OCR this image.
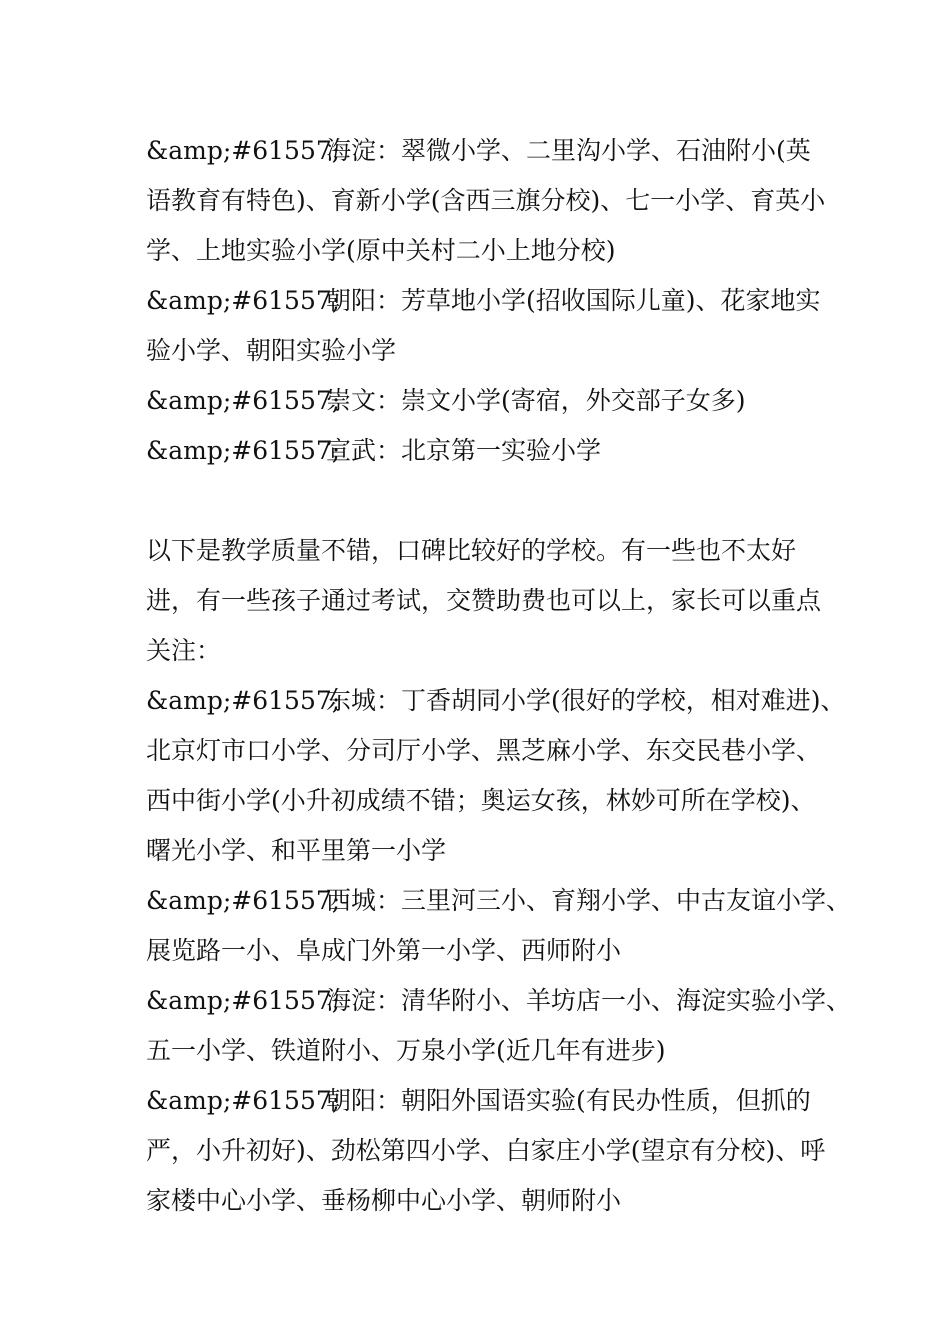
&amp;#61557;海淀：翠微小学、二里沟小学、石油附小(英
语教育有特色)、育新小学(含西三旗分校)、七一小学、育英小
学、上地实验小学(原中关村二小上地分校)
&amp;#61557;朝阳：芳草地小学(招收国际儿童)、花家地实
验小学、朝阳实验小学
&amp;#61557;崇文：崇文小学(寄宿，外交部子女多)
&amp;#61557;宣武：北京第一实验小学
以下是教学质量不错，口碑比较好的学校。有一些也不太好
进，有一些孩子通过考试，交赞助费也可以上，家长可以重点
关注：
&amp;#61557;东城：丁香胡同小学(很好的学校，相对难进)、
北京灯市口小学、分司厅小学、黑芝麻小学、东交民巷小学、
西中街小学(小升初成绩不错；奥运女孩，林妙可所在学校)、
曙光小学、和平里第一小学
&amp;#61557;西城：三里河三小、育翔小学、中古友谊小学、
展览路一小、阜成门外第一小学、西师附小
&amp;#61557;海淀：清华附小、羊坊店一小、海淀实验小学、
五一小学、铁道附小、万泉小学(近几年有进步)
&amp;#61557;朝阳：朝阳外国语实验(有民办性质，但抓的
严，小升初好)、劲松第四小学、白家庄小学(望京有分校)、呼
家楼中心小学、垂杨柳中心小学、朝师附小
